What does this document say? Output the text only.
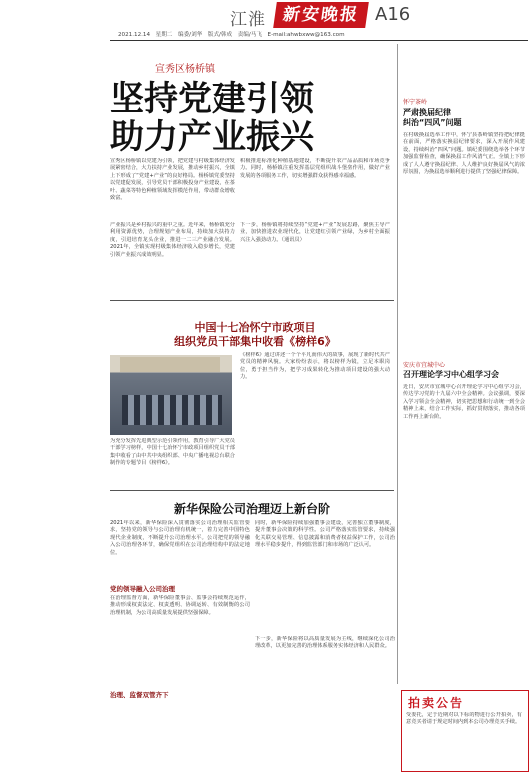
江淮 新安晚报 A16
2021.12.14　星期二　编委/刘华　版式/韩成　责编/马飞　E-mail:ahwbxww@163.com
宣秀区杨桥镇
坚持党建引领
助力产业振兴
宣秀区杨桥镇以党建为引领，把党建与村级集体经济发展紧密结合，大力扶持产业发展，推动乡村振兴，全镇上下形成了“党建+产业”的良好格局。杨桥镇党委坚持以党建促发展，引导党员干部积极投身产业建设，在茶叶、蔬菜等特色种植领域发挥模范作用，带动群众增收致富。
产业振兴是乡村振兴的重中之重。近年来，杨桥镇充分利用资源优势，合理规划产业布局，持续加大扶持力度，引进培育龙头企业，推进一二三产业融合发展。2021年，全镇实现村级集体经济收入稳步增长，党建引领产业振兴成效明显。
积极推进标准化种植基地建设，不断提升农产品品质和市场竞争力。同时，杨桥镇注重发挥基层党组织战斗堡垒作用，做好产业发展的各项服务工作，切实增强群众获得感幸福感。
下一步，杨桥镇将持续坚持“党建+产业”发展思路，聚焦主导产业，加快推进农业现代化，让党建红引领产业绿，为乡村全面振兴注入强劲动力。（通讯员）
怀宁茶岭
严肃换届纪律
纠治“四风”问题
在村级换届选举工作中，怀宁县茶岭镇坚持把纪律挺在前面，严格落实换届纪律要求，深入开展作风建设，持续纠治“四风”问题。镇纪委围绕选举各个环节加强监督检查，确保换届工作风清气正。全镇上下形成了人人遵守换届纪律、人人维护良好换届风气的浓厚氛围，为换届选举顺利进行提供了坚强纪律保障。
中国十七冶怀宁市政项目
组织党员干部集中收看《榜样6》
为充分发挥先进典型示范引领作用，教育引导广大党员干部学习榜样，中国十七冶怀宁市政项目组织党员干部集中收看了由中共中央组织部、中央广播电视总台联合制作的专题节目《榜样6》。
《榜样6》通过讲述一个个平凡而伟大的故事，展现了新时代共产党员的精神风貌。大家纷纷表示，将以榜样为镜，立足本职岗位，勇于担当作为，把学习成果转化为推动项目建设的强大动力。
安庆市宜城中心
召开理论学习中心组学习会
近日，安庆市宜城中心召开理论学习中心组学习会，传达学习党的十九届六中全会精神。会议强调，要深入学习领会全会精神，切实把思想和行动统一到全会精神上来，结合工作实际，抓好贯彻落实，推动各项工作再上新台阶。
新华保险公司治理迈上新台阶
2021年以来，新华保险深入贯彻落实公司治理相关监管要求，坚持党的领导与公司治理有机统一，着力完善中国特色现代企业制度，不断提升公司治理水平。公司把党的领导融入公司治理各环节，确保党组织在公司治理结构中的法定地位。
党的领导融入公司治理
在治理监督方面，新华保险董事会、监事会持续规范运作，推动形成权责法定、权责透明、协调运转、有效制衡的公司治理机制，为公司高质量发展提供坚强保障。
治理、监督双管齐下
同时，新华保险持续加强董事会建设，完善独立董事制度，提升董事会决策的科学性。公司严格落实监管要求，持续强化关联交易管理、信息披露和消费者权益保护工作，公司治理水平稳步提升，得到监管部门和市场的广泛认可。
下一步，新华保险将以高质量发展为主线，继续深化公司治理改革，以更加完善的治理体系服务实体经济和人民群众。
拍卖公告
受委托，定于近期对以下标的物进行公开拍卖，有意竞买者请于规定时间内到本公司办理竞买手续。
